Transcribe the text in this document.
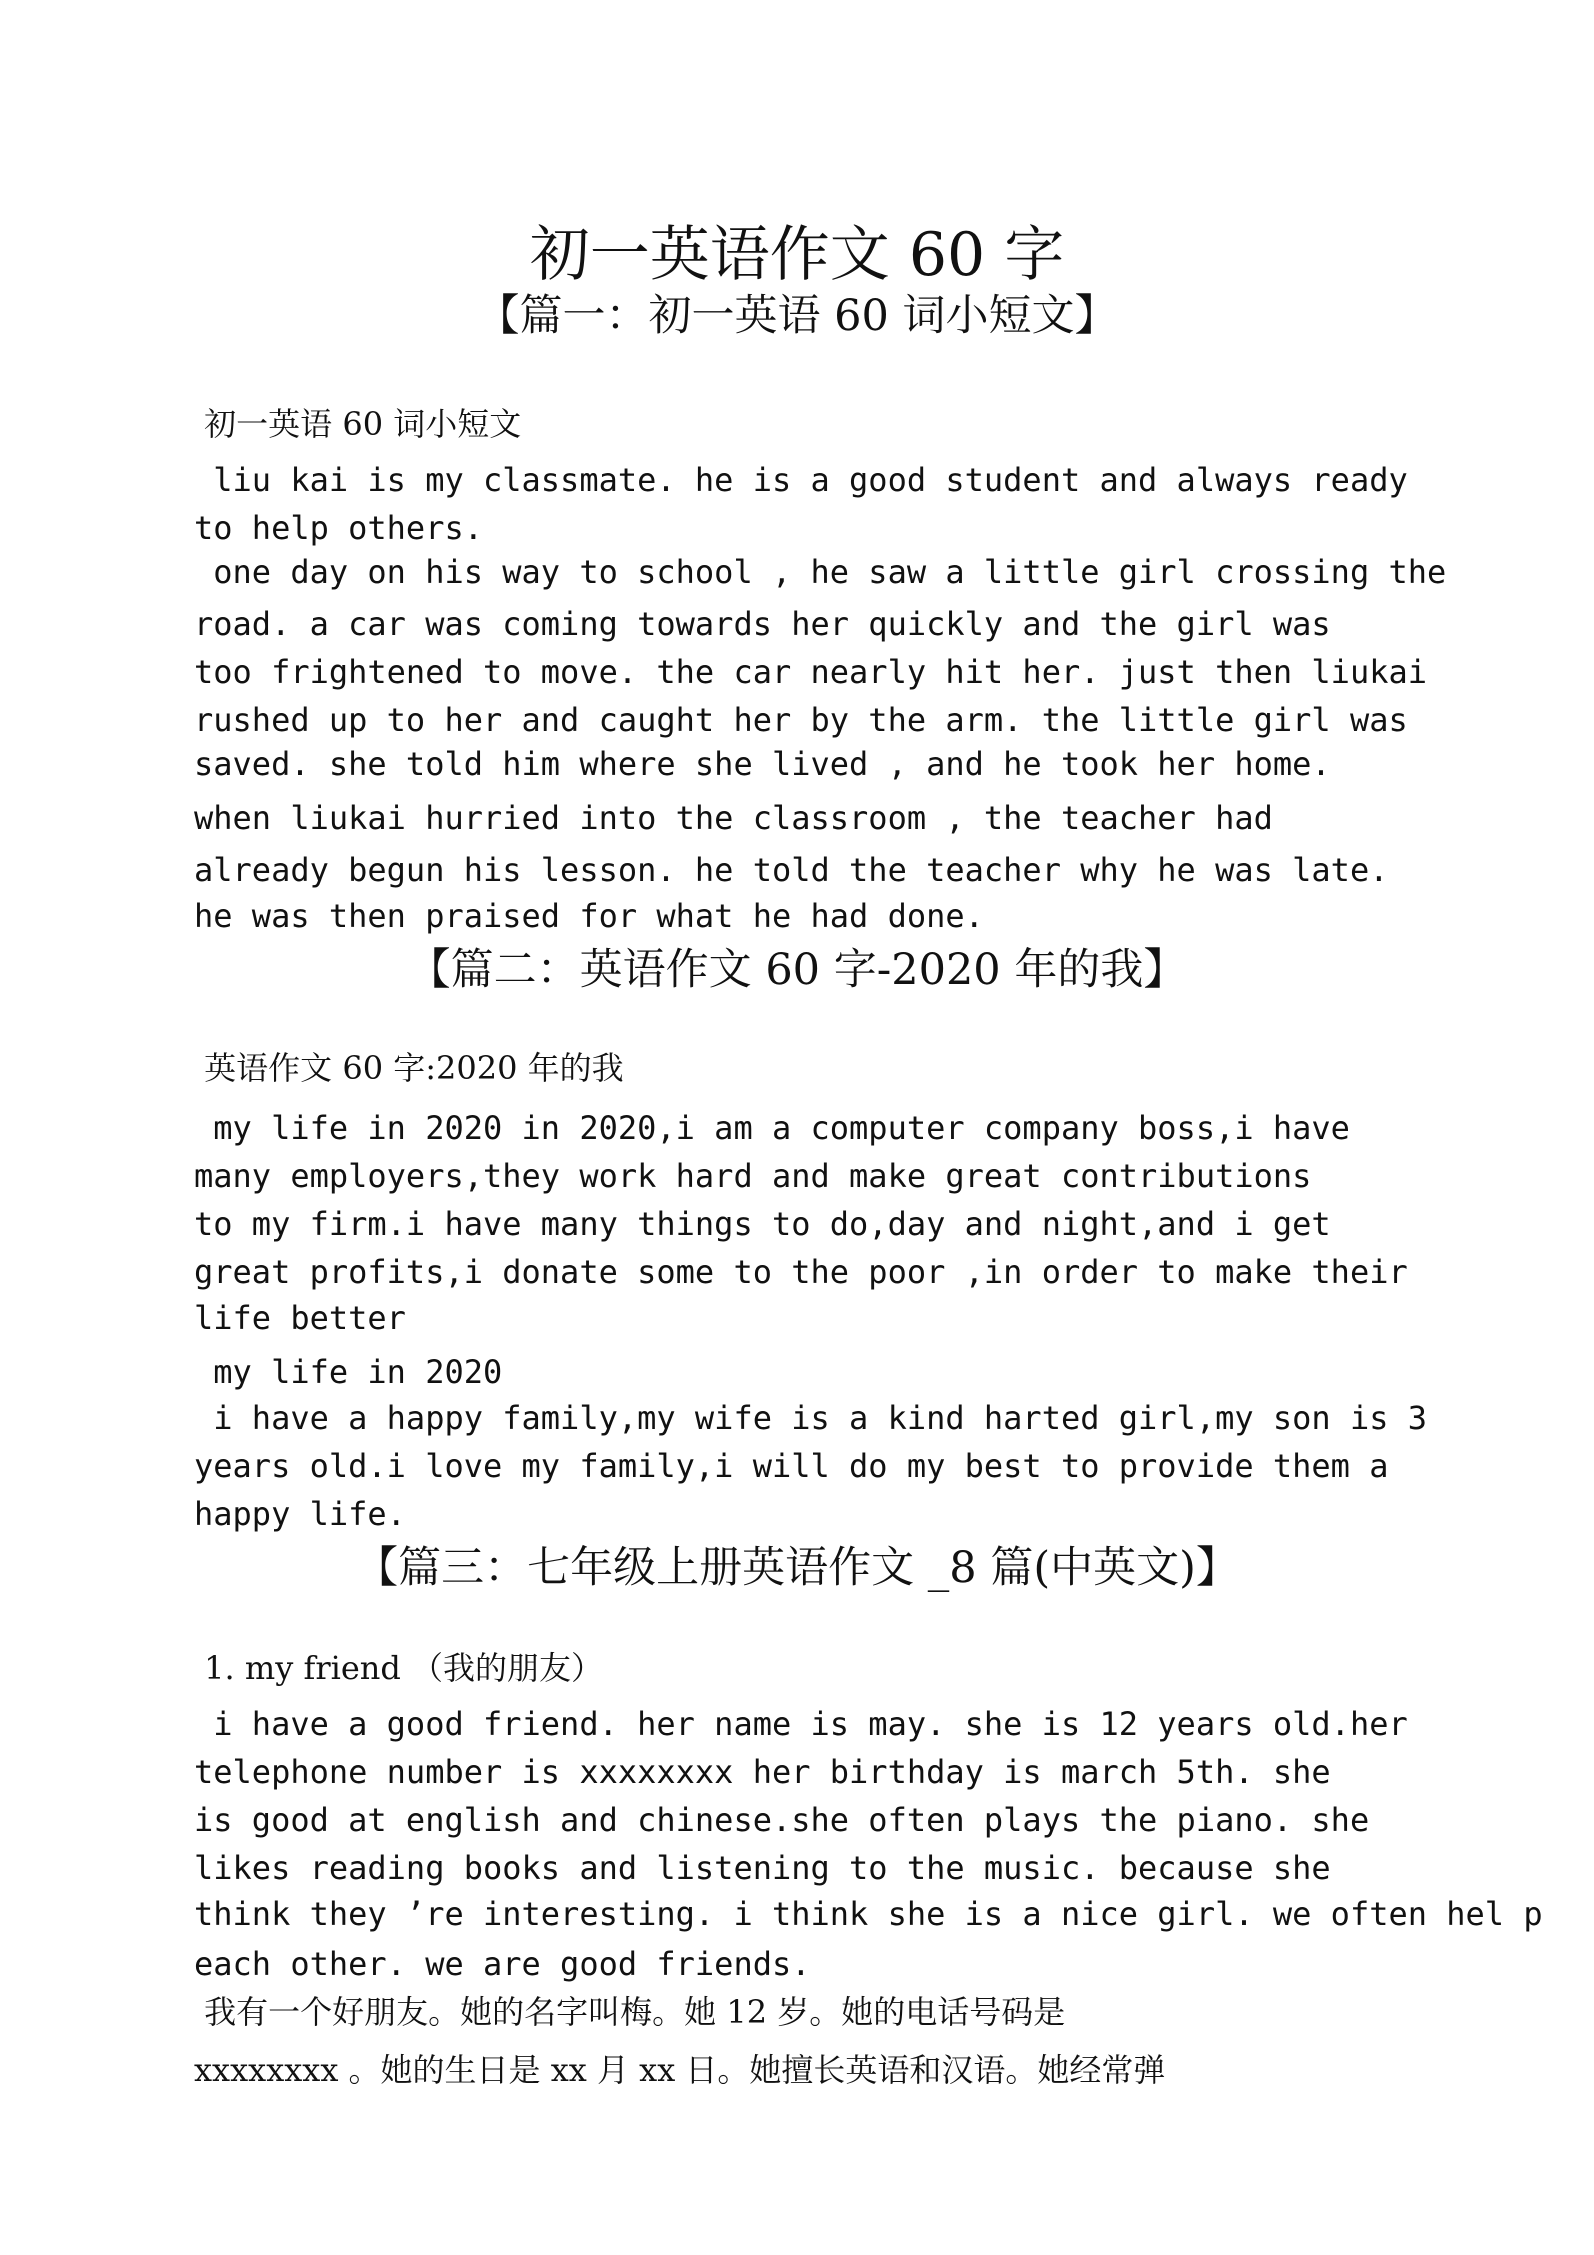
初一英语作文 60 字
【篇一：初一英语 60 词小短文】
初一英语 60 词小短文
liu kai is my classmate. he is a good student and always ready
to help others.
one day on his way to school , he saw a little girl crossing the
road. a car was coming towards her quickly and the girl was
too frightened to move. the car nearly hit her. just then liukai
rushed up to her and caught her by the arm. the little girl was
saved. she told him where she lived , and he took her home.
when liukai hurried into the classroom , the teacher had
already begun his lesson. he told the teacher why he was late.
he was then praised for what he had done.
【篇二：英语作文 60 字-2020 年的我】
英语作文 60 字:2020 年的我
my life in 2020 in 2020,i am a computer company boss,i have
many employers,they work hard and make great contributions
to my firm.i have many things to do,day and night,and i get
great profits,i donate some to the poor ,in order to make their
life better
my life in 2020
i have a happy family,my wife is a kind harted girl,my son is 3
years old.i love my family,i will do my best to provide them a
happy life.
【篇三：七年级上册英语作文 _8 篇(中英文)】
1. my friend （我的朋友）
i have a good friend. her name is may. she is 12 years old.her
telephone number is xxxxxxxx her birthday is march 5th. she
is good at english and chinese.she often plays the piano. she
likes reading books and listening to the music. because she
think they ’re interesting. i think she is a nice girl. we often hel p
each other. we are good friends.
我有一个好朋友。她的名字叫梅。她 12 岁。她的电话号码是
xxxxxxxx 。她的生日是 xx 月 xx 日。她擅长英语和汉语。她经常弹
